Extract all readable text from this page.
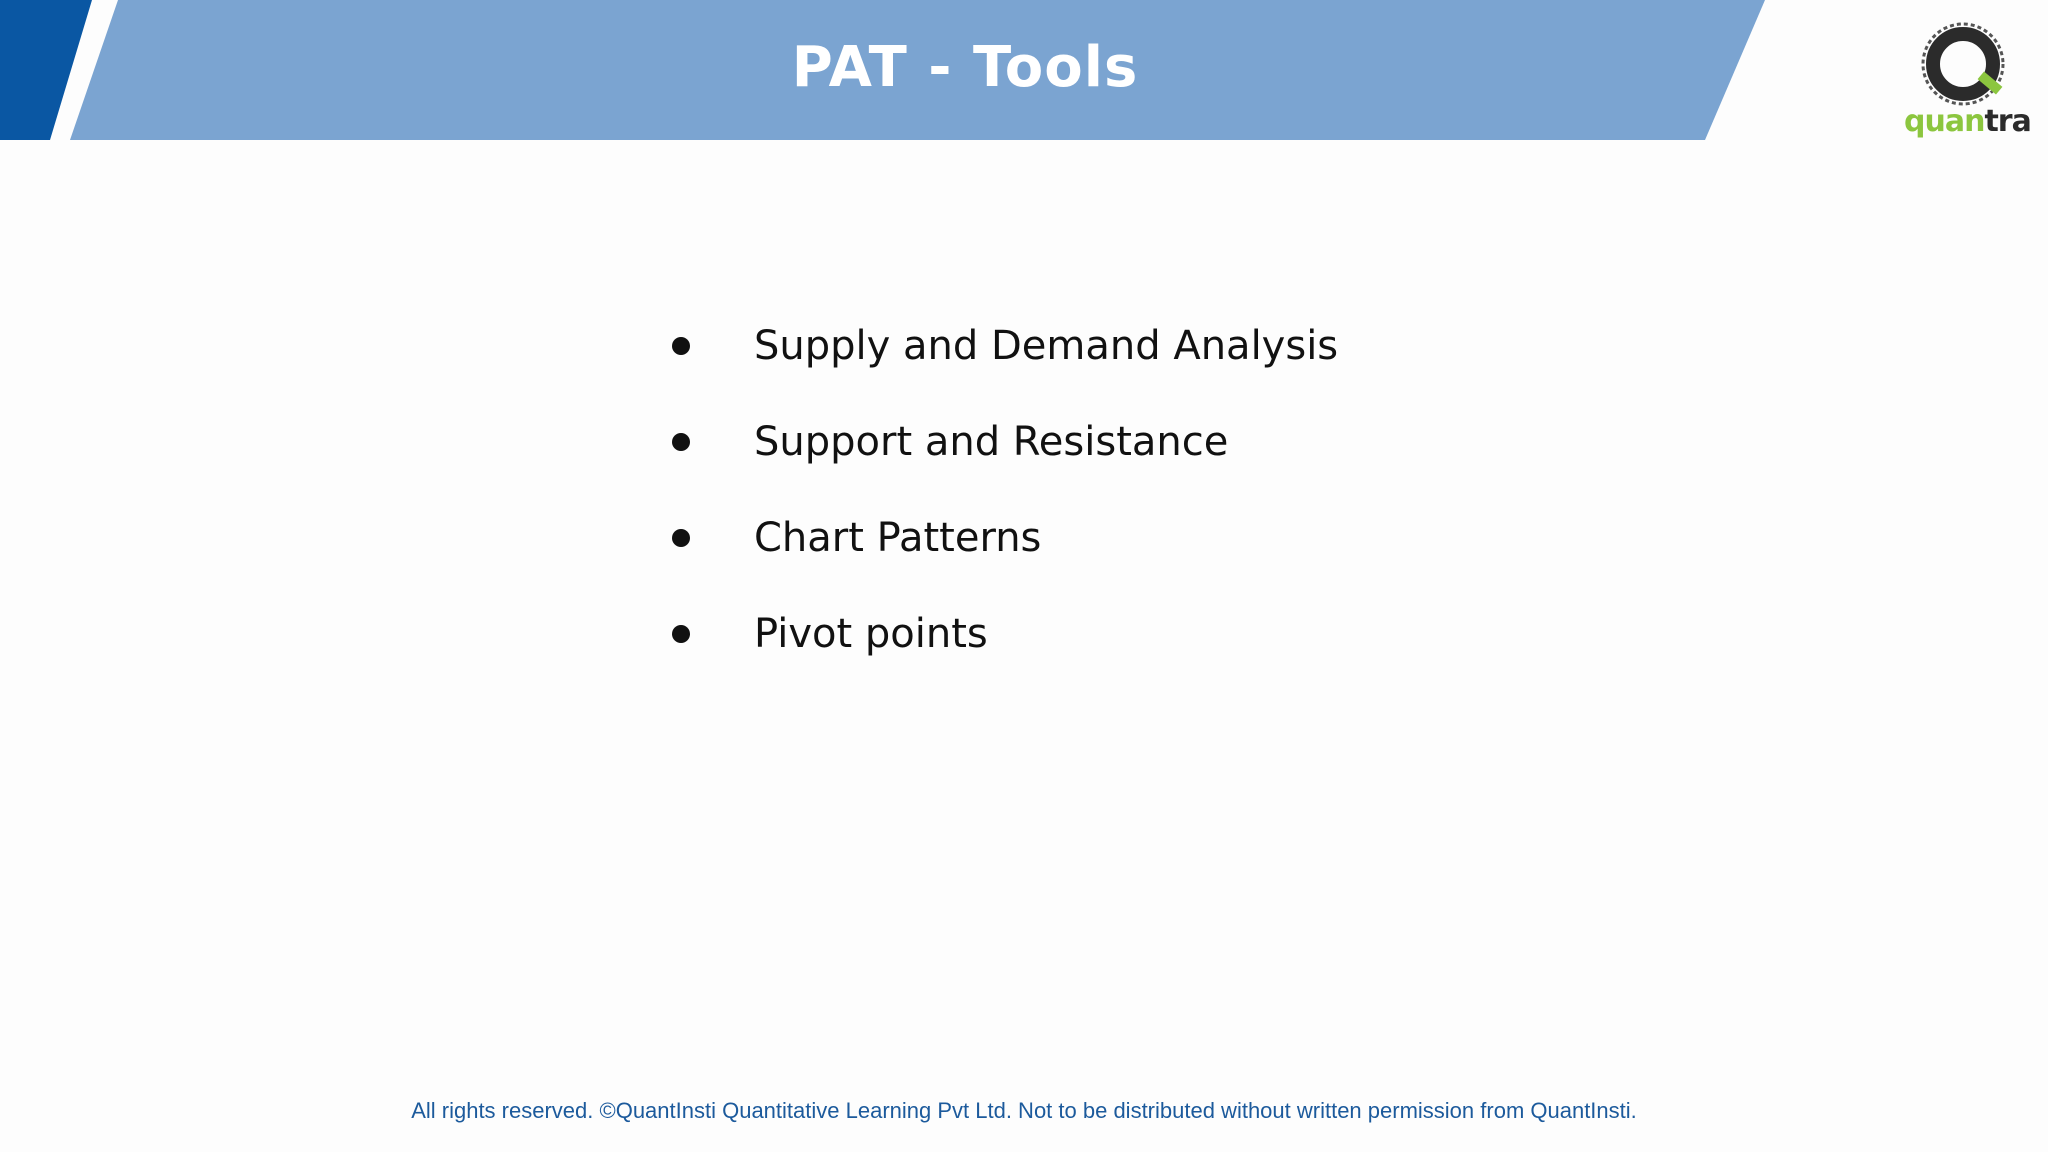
PAT - Tools
quantra
Supply and Demand Analysis
Support and Resistance
Chart Patterns
Pivot points
All rights reserved. ©QuantInsti Quantitative Learning Pvt Ltd. Not to be distributed without written permission from QuantInsti.
